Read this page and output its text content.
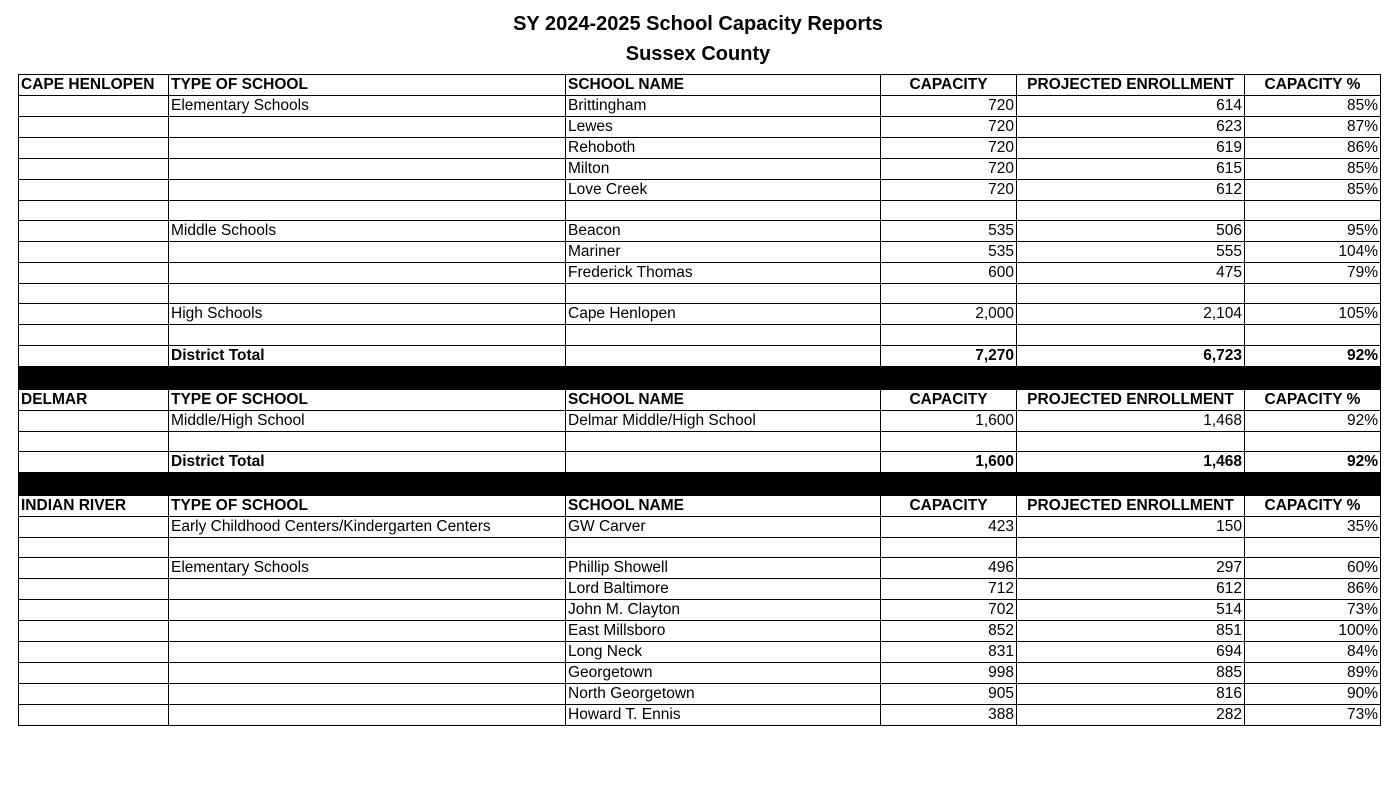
SY 2024-2025 School Capacity Reports
Sussex County
CAPE HENLOPEN	TYPE OF SCHOOL	SCHOOL NAME	CAPACITY	PROJECTED ENROLLMENT	CAPACITY %
	Elementary Schools	Brittingham	720	614	85%
		Lewes	720	623	87%
		Rehoboth	720	619	86%
		Milton	720	615	85%
		Love Creek	720	612	85%

	Middle Schools	Beacon	535	506	95%
		Mariner	535	555	104%
		Frederick Thomas	600	475	79%

	High Schools	Cape Henlopen	2,000	2,104	105%

	District Total		7,270	6,723	92%

DELMAR	TYPE OF SCHOOL	SCHOOL NAME	CAPACITY	PROJECTED ENROLLMENT	CAPACITY %
	Middle/High School	Delmar Middle/High School	1,600	1,468	92%

	District Total		1,600	1,468	92%

INDIAN RIVER	TYPE OF SCHOOL	SCHOOL NAME	CAPACITY	PROJECTED ENROLLMENT	CAPACITY %
	Early Childhood Centers/Kindergarten Centers	GW Carver	423	150	35%

	Elementary Schools	Phillip Showell	496	297	60%
		Lord Baltimore	712	612	86%
		John M. Clayton	702	514	73%
		East Millsboro	852	851	100%
		Long Neck	831	694	84%
		Georgetown	998	885	89%
		North Georgetown	905	816	90%
		Howard T. Ennis	388	282	73%
